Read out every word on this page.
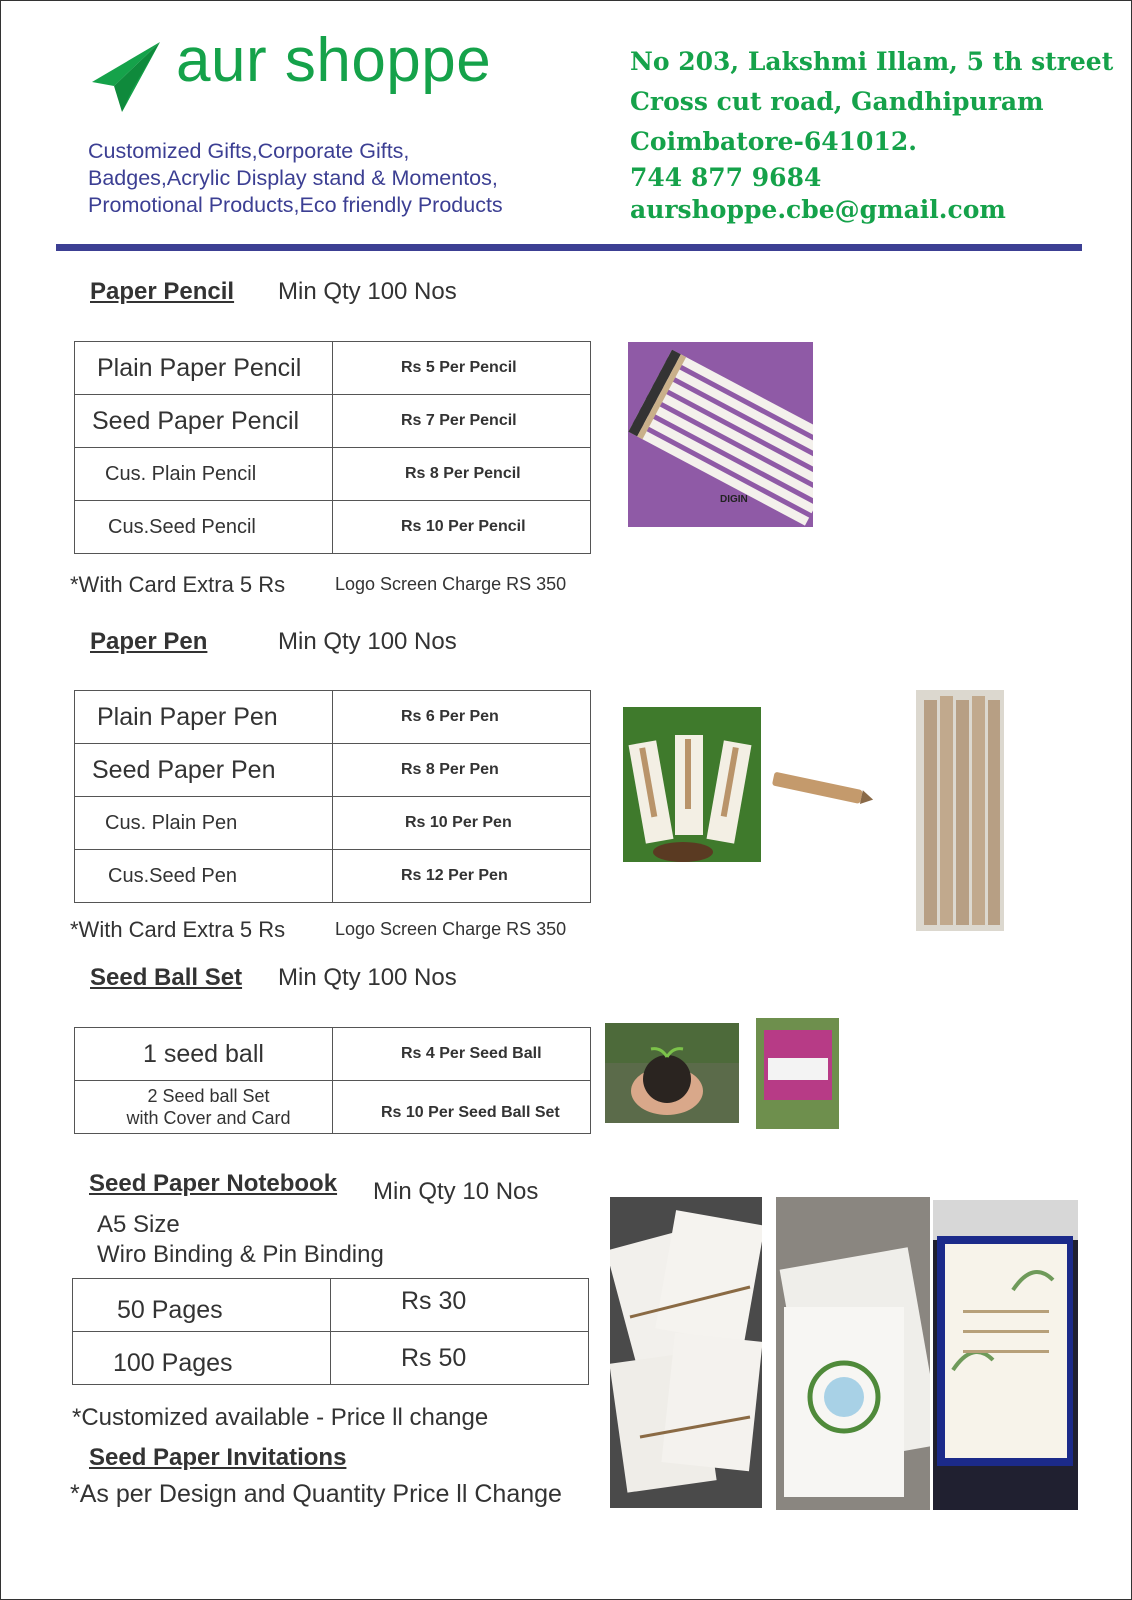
aur shoppe
Customized Gifts,Corporate Gifts,
Badges,Acrylic Display stand & Momentos,
Promotional Products,Eco friendly Products
No 203, Lakshmi Illam, 5 th street
Cross cut road, Gandhipuram
Coimbatore-641012.
744 877 9684
aurshoppe.cbe@gmail.com
Paper Pencil Min Qty 100 Nos
Plain Paper Pencil	Rs 5 Per Pencil
Seed Paper Pencil	Rs 7 Per Pencil
Cus. Plain Pencil	Rs 8 Per Pencil
Cus.Seed Pencil	Rs 10 Per Pencil
*With Card Extra 5 Rs	Logo Screen Charge RS 350
DIGIN
Paper Pen	Min Qty 100 Nos
Plain Paper Pen	Rs 6 Per Pen
Seed Paper Pen	Rs 8 Per Pen
Cus. Plain Pen	Rs 10 Per Pen
Cus.Seed Pen	Rs 12 Per Pen
*With Card Extra 5 Rs	Logo Screen Charge RS 350
Seed Ball Set Min Qty 100 Nos
1 seed ball	Rs 4 Per Seed Ball

2 Seed ball Set
with Cover and Card	Rs 10 Per Seed Ball Set
Seed Paper Notebook Min Qty 10 Nos
A5 Size
Wiro Binding & Pin Binding
50 Pages	Rs 30
100 Pages	Rs 50
*Customized available - Price ll change
Seed Paper Invitations
*As per Design and Quantity Price ll Change
